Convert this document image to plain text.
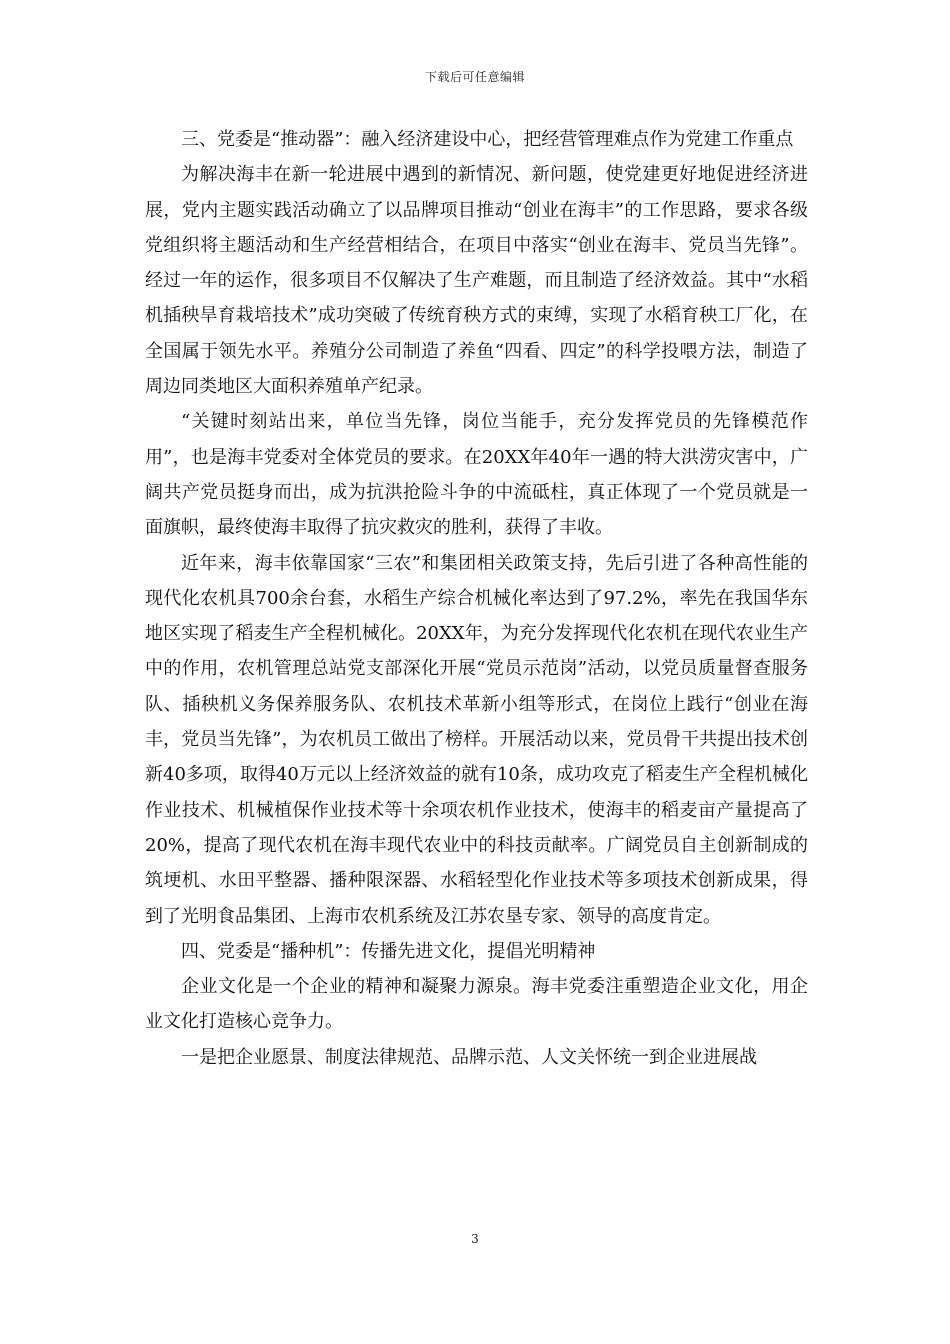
下载后可任意编辑

三、党委是“推动器”：融入经济建设中心，把经营管理难点作为党建工作重点

为解决海丰在新一轮进展中遇到的新情况、新问题，使党建更好地促进经济进展，党内主题实践活动确立了以品牌项目推动“创业在海丰”的工作思路，要求各级党组织将主题活动和生产经营相结合，在项目中落实“创业在海丰、党员当先锋”。经过一年的运作，很多项目不仅解决了生产难题，而且制造了经济效益。其中“水稻机插秧旱育栽培技术”成功突破了传统育秧方式的束缚，实现了水稻育秧工厂化，在全国属于领先水平。养殖分公司制造了养鱼“四看、四定”的科学投喂方法，制造了周边同类地区大面积养殖单产纪录。

“关键时刻站出来，单位当先锋，岗位当能手，充分发挥党员的先锋模范作用”，也是海丰党委对全体党员的要求。在20XX年40年一遇的特大洪涝灾害中，广阔共产党员挺身而出，成为抗洪抢险斗争的中流砥柱，真正体现了一个党员就是一面旗帜，最终使海丰取得了抗灾救灾的胜利，获得了丰收。

近年来，海丰依靠国家“三农”和集团相关政策支持，先后引进了各种高性能的现代化农机具700余台套，水稻生产综合机械化率达到了97.2%，率先在我国华东地区实现了稻麦生产全程机械化。20XX年，为充分发挥现代化农机在现代农业生产中的作用，农机管理总站党支部深化开展“党员示范岗”活动，以党员质量督查服务队、插秧机义务保养服务队、农机技术革新小组等形式，在岗位上践行“创业在海丰，党员当先锋”，为农机员工做出了榜样。开展活动以来，党员骨干共提出技术创新40多项，取得40万元以上经济效益的就有10条，成功攻克了稻麦生产全程机械化作业技术、机械植保作业技术等十余项农机作业技术，使海丰的稻麦亩产量提高了20%，提高了现代农机在海丰现代农业中的科技贡献率。广阔党员自主创新制成的筑埂机、水田平整器、播种限深器、水稻轻型化作业技术等多项技术创新成果，得到了光明食品集团、上海市农机系统及江苏农垦专家、领导的高度肯定。

四、党委是“播种机”：传播先进文化，提倡光明精神

企业文化是一个企业的精神和凝聚力源泉。海丰党委注重塑造企业文化，用企业文化打造核心竞争力。

一是把企业愿景、制度法律规范、品牌示范、人文关怀统一到企业进展战

3
